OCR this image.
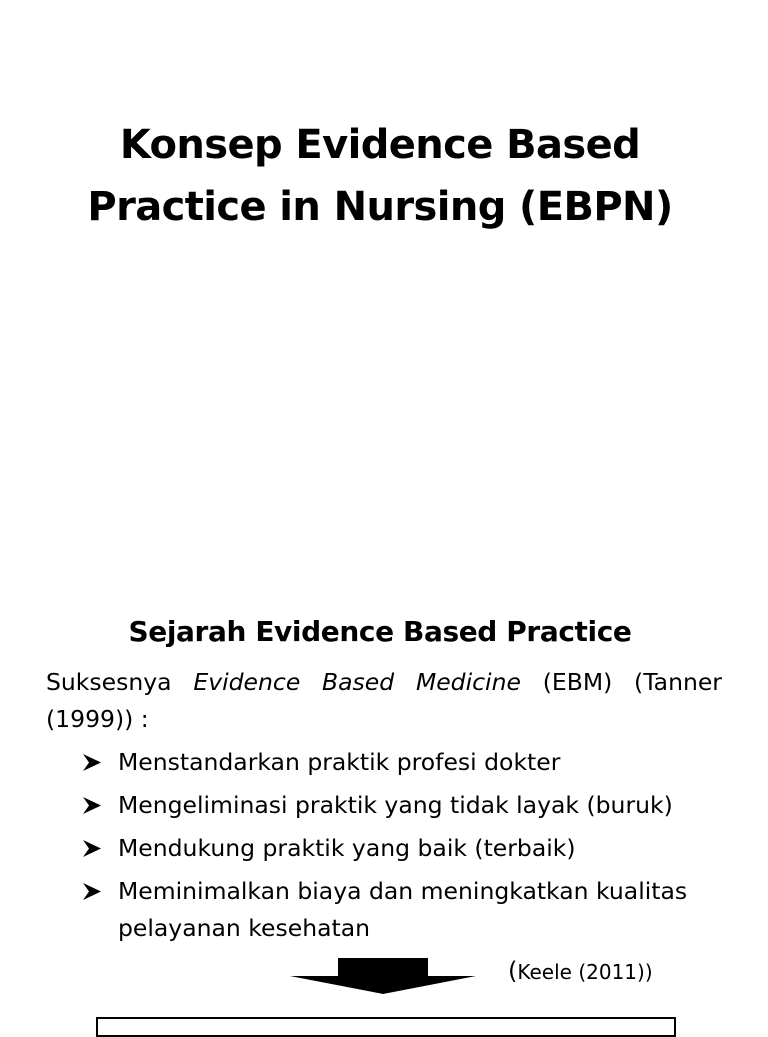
Konsep Evidence Based
Practice in Nursing (EBPN)
Sejarah Evidence Based Practice

Suksesnya Evidence Based Medicine (EBM) (Tanner (1999)) :

Menstandarkan praktik profesi dokter
Mengeliminasi praktik yang tidak layak (buruk)
Mendukung praktik yang baik (terbaik)
Meminimalkan biaya dan meningkatkan kualitas pelayanan kesehatan
(Keele (2011))
